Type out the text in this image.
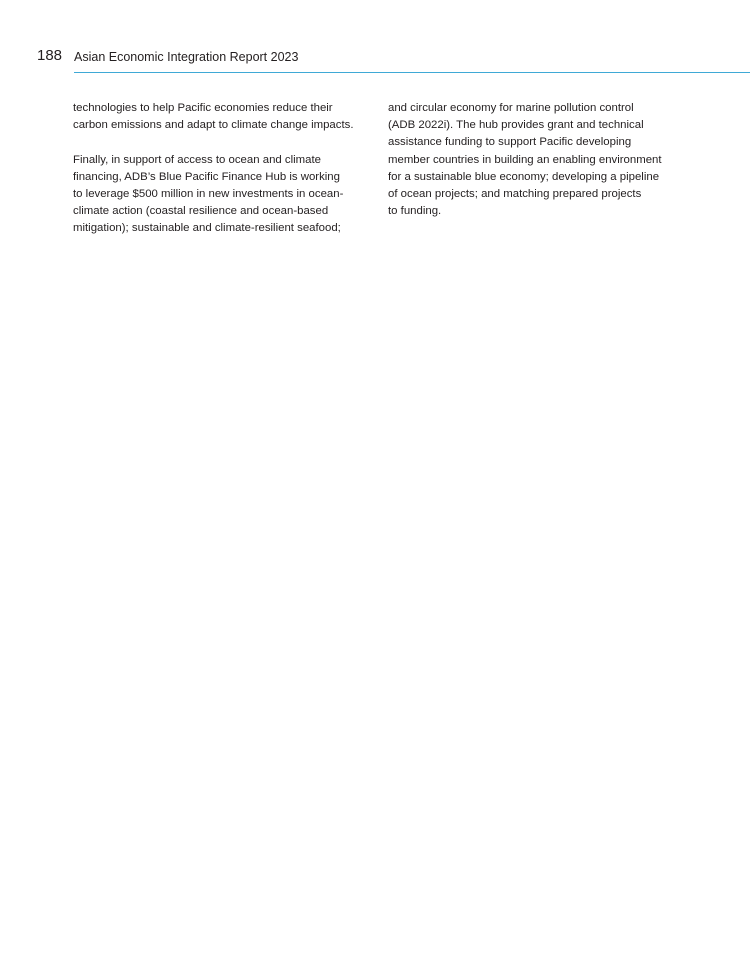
188 Asian Economic Integration Report 2023
technologies to help Pacific economies reduce their
carbon emissions and adapt to climate change impacts.
Finally, in support of access to ocean and climate
financing, ADB’s Blue Pacific Finance Hub is working
to leverage $500 million in new investments in ocean-
climate action (coastal resilience and ocean-based
mitigation); sustainable and climate-resilient seafood;
and circular economy for marine pollution control
(ADB 2022i). The hub provides grant and technical
assistance funding to support Pacific developing
member countries in building an enabling environment
for a sustainable blue economy; developing a pipeline
of ocean projects; and matching prepared projects
to funding.
